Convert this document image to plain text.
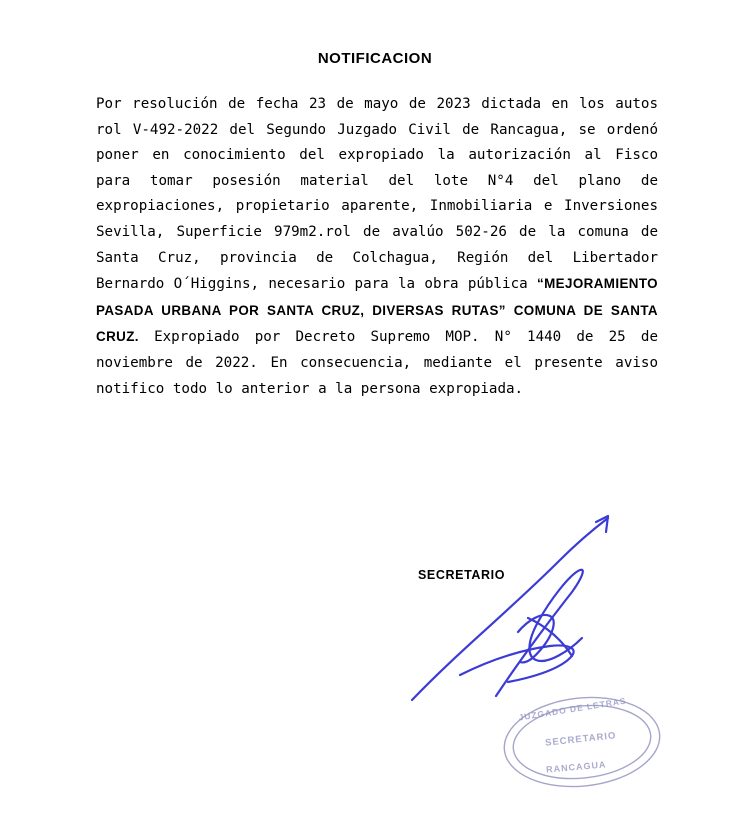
NOTIFICACION
Por resolución de fecha 23 de mayo de 2023 dictada en los autos rol V-492-2022 del Segundo Juzgado Civil de Rancagua, se ordenó poner en conocimiento del expropiado la autorización al Fisco para tomar posesión material del lote N°4 del plano de expropiaciones, propietario aparente, Inmobiliaria e Inversiones Sevilla, Superficie 979m2.rol de avalúo 502-26 de la comuna de Santa Cruz, provincia de Colchagua, Región del Libertador Bernardo O´Higgins, necesario para la obra pública “MEJORAMIENTO PASADA URBANA POR SANTA CRUZ, DIVERSAS RUTAS” COMUNA DE SANTA CRUZ. Expropiado por Decreto Supremo MOP. N° 1440 de 25 de noviembre de 2022. En consecuencia, mediante el presente aviso notifico todo lo anterior a la persona expropiada.
SECRETARIO
JUZGADO DE LETRAS
SECRETARIO
RANCAGUA
